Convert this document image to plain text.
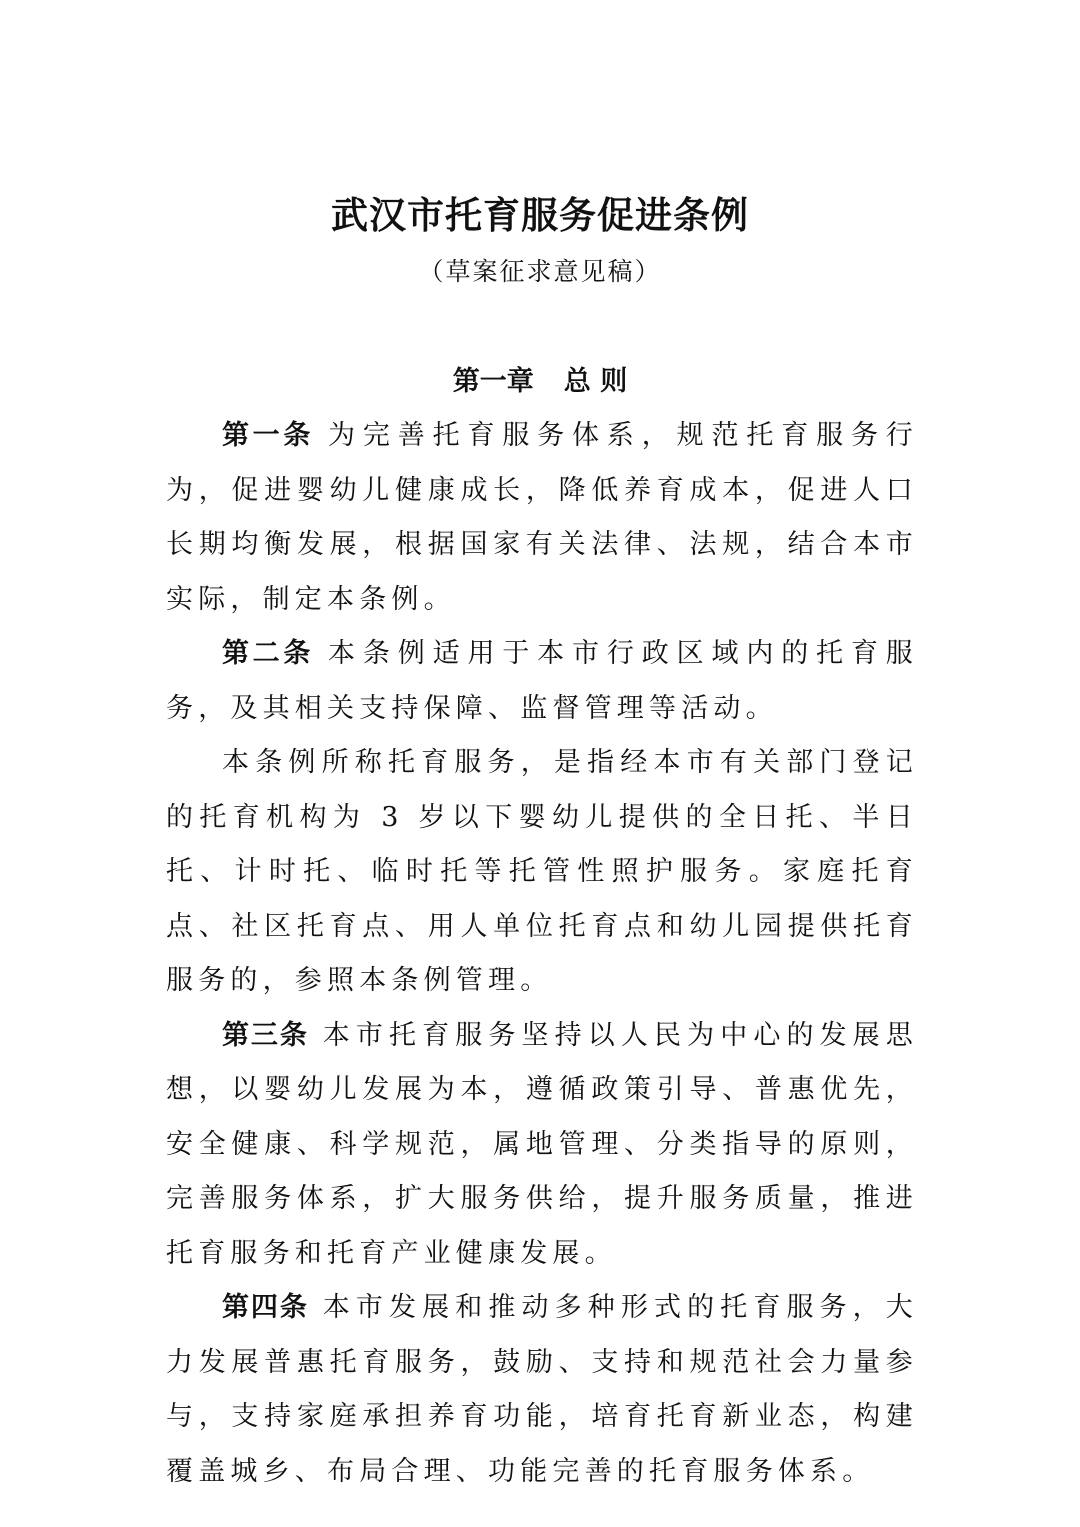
武汉市托育服务促进条例
（草案征求意见稿）
第一章 总 则

第一条 为完善托育服务体系，规范托育服务行为，促进婴幼儿健康成长，降低养育成本，促进人口长期均衡发展，根据国家有关法律、法规，结合本市实际，制定本条例。

第二条 本条例适用于本市行政区域内的托育服务，及其相关支持保障、监督管理等活动。

本条例所称托育服务，是指经本市有关部门登记的托育机构为 3 岁以下婴幼儿提供的全日托、半日托、计时托、临时托等托管性照护服务。家庭托育点、社区托育点、用人单位托育点和幼儿园提供托育服务的，参照本条例管理。

第三条 本市托育服务坚持以人民为中心的发展思想，以婴幼儿发展为本，遵循政策引导、普惠优先，安全健康、科学规范，属地管理、分类指导的原则，完善服务体系，扩大服务供给，提升服务质量，推进托育服务和托育产业健康发展。

第四条 本市发展和推动多种形式的托育服务，大力发展普惠托育服务，鼓励、支持和规范社会力量参与，支持家庭承担养育功能，培育托育新业态，构建覆盖城乡、布局合理、功能完善的托育服务体系。
